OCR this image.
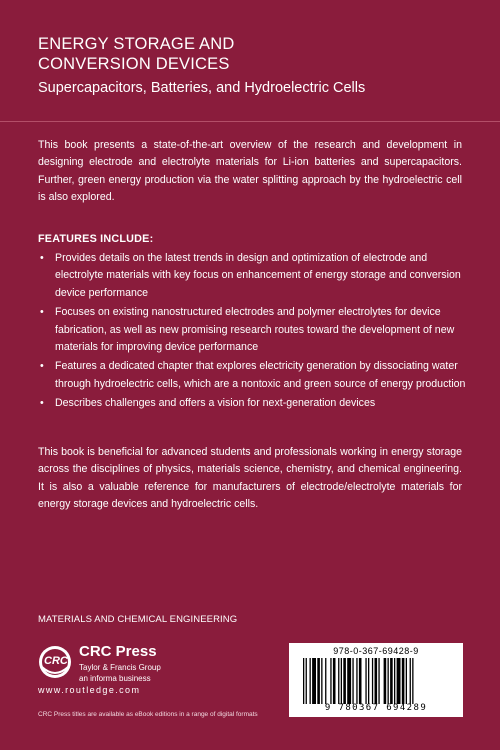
ENERGY STORAGE AND
CONVERSION DEVICES
Supercapacitors, Batteries, and Hydroelectric Cells

This book presents a state-of-the-art overview of the research and development in designing electrode and electrolyte materials for Li-ion batteries and supercapacitors. Further, green energy production via the water splitting approach by the hydroelectric cell is also explored.

FEATURES INCLUDE:
• Provides details on the latest trends in design and optimization of electrode and electrolyte materials with key focus on enhancement of energy storage and conversion device performance
• Focuses on existing nanostructured electrodes and polymer electrolytes for device fabrication, as well as new promising research routes toward the development of new materials for improving device performance
• Features a dedicated chapter that explores electricity generation by dissociating water through hydroelectric cells, which are a nontoxic and green source of energy production
• Describes challenges and offers a vision for next-generation devices

This book is beneficial for advanced students and professionals working in energy storage across the disciplines of physics, materials science, chemistry, and chemical engineering. It is also a valuable reference for manufacturers of electrode/electrolyte materials for energy storage devices and hydroelectric cells.

MATERIALS AND CHEMICAL ENGINEERING
CRC
CRC Press
Taylor & Francis Group
an informa business
www.routledge.com
CRC Press titles are available as eBook editions in a range of digital formats
978-0-367-69428-9
9 780367 694289
